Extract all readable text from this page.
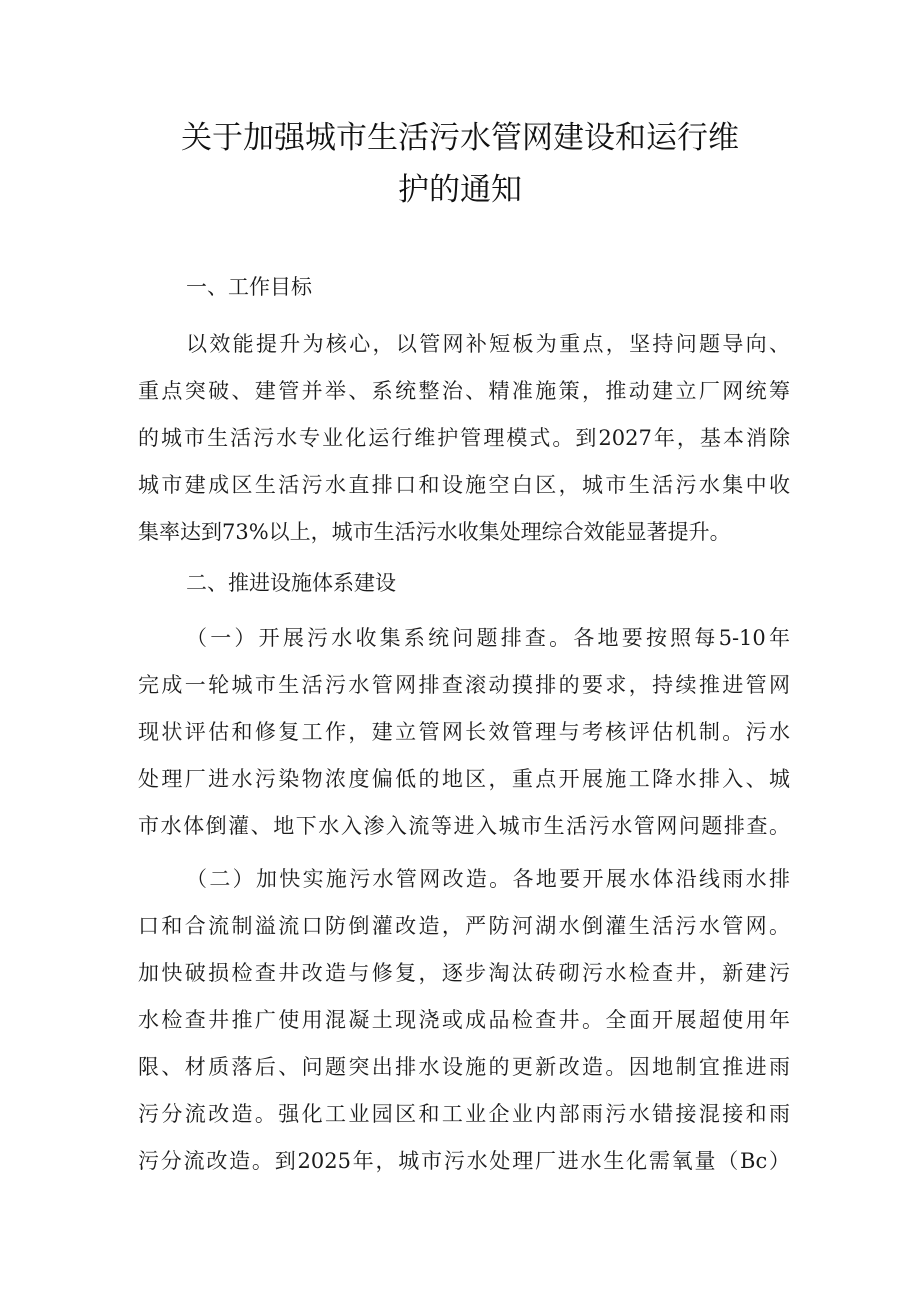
关于加强城市生活污水管网建设和运行维
护的通知
一、工作目标
以效能提升为核心，以管网补短板为重点，坚持问题导向、
重点突破、建管并举、系统整治、精准施策，推动建立厂网统筹
的城市生活污水专业化运行维护管理模式。到2027年，基本消除
城市建成区生活污水直排口和设施空白区，城市生活污水集中收
集率达到73%以上，城市生活污水收集处理综合效能显著提升。
二、推进设施体系建设
（一）开展污水收集系统问题排查。各地要按照每5-10年
完成一轮城市生活污水管网排查滚动摸排的要求，持续推进管网
现状评估和修复工作，建立管网长效管理与考核评估机制。污水
处理厂进水污染物浓度偏低的地区，重点开展施工降水排入、城
市水体倒灌、地下水入渗入流等进入城市生活污水管网问题排查。
（二）加快实施污水管网改造。各地要开展水体沿线雨水排
口和合流制溢流口防倒灌改造，严防河湖水倒灌生活污水管网。
加快破损检查井改造与修复，逐步淘汰砖砌污水检查井，新建污
水检查井推广使用混凝土现浇或成品检查井。全面开展超使用年
限、材质落后、问题突出排水设施的更新改造。因地制宜推进雨
污分流改造。强化工业园区和工业企业内部雨污水错接混接和雨
污分流改造。到2025年，城市污水处理厂进水生化需氧量（Bc）
